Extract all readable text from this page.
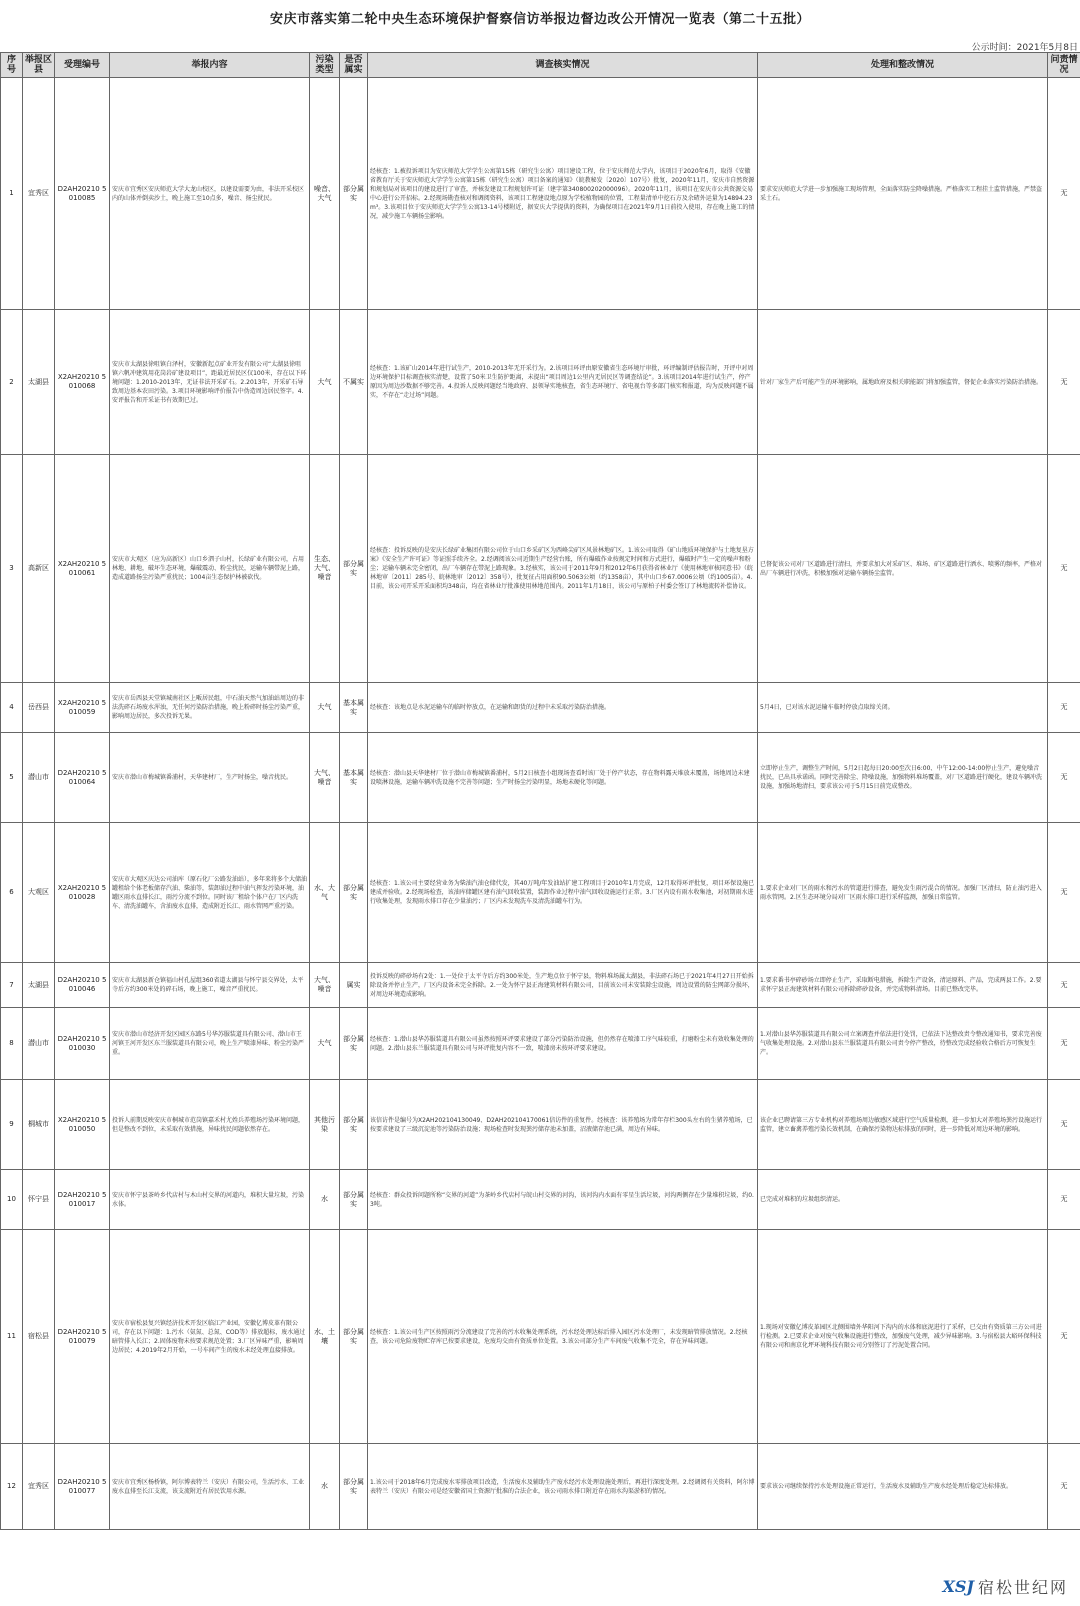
安庆市落实第二轮中央生态环境保护督察信访举报边督边改公开情况一览表（第二十五批）
公示时间：2021年5月8日
序号	举报区县	受理编号	举报内容	污染类型	是否属实	调查核实情况	处理和整改情况	问责情况
1	宜秀区	D2AH20210 5010085	安庆市宜秀区安庆师范大学大龙山校区，以建设需要为由，非法开采校区内的山体并倒卖沙土，晚上施工至10点多，噪音、扬尘扰民。	噪音、大气	部分属实	经核查：1.被投诉项目为安庆师范大学学生公寓第15栋（研究生公寓）项目建设工程，位于安庆师范大学内，该项目于2020年6月，取得《安徽省教育厅关于安庆师范大学学生公寓第15栋（研究生公寓）项目备案的通知》（皖教秘发〔2020〕107号）批复，2020年11月，安庆市自然资源和规划局对该项目的建设进行了审查，并核发建设工程规划许可证（建字第340800202000096）。2020年11月，该项目在安庆市公共资源交易中心进行公开招标。2.经现场勘查核对和调阅资料，该项目工程建设地点原为学校植物园的位置，工程量清单中挖石方及余碴外运量为14894.23m³。3.该项目位于安庆师范大学学生公寓13-14号楼附近，据安庆大学提供的资料，为确保项目在2021年9月1日前投入使用，存在晚上施工的情况，减少施工车辆扬尘影响。	要求安庆师范大学进一步加强施工现场管理，全面落实防尘降噪措施。严格落实工程挂土监管措施，严禁盗采土石。	无
2	太湖县	X2AH20210 5010068	安庆市太湖县徐咀镇白泽村，安徽新起点矿业开发有限公司“太湖县徐咀镇六帆冲建筑用花岗岩矿建设项目”，距最近居民区仅100米，存在以下环境问题：1.2010-2013年，无证非法开采矿石。2.2013年，开采矿石导致周边基本农田污染。3.项目环境影响评价报告中伪造周边居民签字。4.安评报告和开采证书有效期已过。	大气	不属实	经核查：1.该矿山2014年进行试生产，2010-2013年无开采行为。2.该项目环评由原安徽省生态环境厅审批，环评编制评估报告时，开评中对周边环境保护目标调查核实清楚，设置了50米卫生防护距离，未提出“项目周边1公里内无居民区等调查结论”。3.该项目2014年进行试生产，停产原因为周边沙数据不够完善。4.投诉人反映问题经当地政府、县领导实地核查，省生态环境厅、省电视台等多部门核实和报道，均为反映问题不属实，不存在“走过场”问题。	针对厂家生产后可能产生的环境影响，属地政府及相关职能部门将加强监管，督促企业落实污染防治措施。	无
3	高新区	X2AH20210 5010061	安庆市大观区（应为高新区）山口乡泗子山村，长绿矿业有限公司，占用林地、耕地，破坏生态环境，爆破震动、粉尘扰民，运输车辆带泥上路，造成道路扬尘污染严重扰民；1004亩生态保护林被砍伐。	生态、大气、噪音	部分属实	经核查：投诉反映的是安庆长绿矿业集团有限公司位于山口乡采矿区为西峰尖矿区风景林地矿区。1.该公司取得《矿山地质环境保护与土地复垦方案》《安全生产许可证》等证照手续齐全。2.经调阅该公司近期生产经营台账，所有爆破作业按规定时间和方式进行，爆破时产生一定的噪声和粉尘；运输车辆未完全密闭，出厂车辆存在带泥上路现象。3.经核实，该公司于2011年9月和2012年6月获得省林业厅《使用林地审核同意书》（皖林地审〔2011〕285号、皖林地审〔2012〕358号），批复征占用面积90.5063公顷（约1358亩），其中山口乡67.0006公顷（约1005亩）。4.目前，该公司开采开采面积均348亩，均在省林业厅批准使用林地范围内。2011年1月18日，该公司与原柏子村委会签订了林地流转补偿协议。	已督促该公司对厂区道路进行清扫，并要求加大对采矿区、堆场、矿区道路进行洒水、喷雾的频率，严格对出厂车辆进行冲洗，积极加强对运输车辆扬尘监管。	无
4	岳西县	X2AH20210 5010059	安庆市岳西县天堂镇城南社区上畈居民组，中石油天然气加油站周边的非法洗碎石场废水浑浊，无任何污染防治措施，晚上粉碎时扬尘污染严重，影响周边居民，多次投诉无果。	大气	基本属实	经核查：该地点是水泥运输车的临时停放点，在运输和卸货的过程中未采取污染防治措施。	5月4日，已对该水泥运输车临时停放点取缔关闭。	无
5	潜山市	D2AH20210 5010064	安庆市潜山市梅城镇番浦村，天华建材厂，生产时扬尘，噪音扰民。	大气、噪音	基本属实	经核查：潜山县天华建材厂位于潜山市梅城镇番浦村，5月2日核查小组现场查看时该厂处于停产状态，存在物料露天堆放未覆盖，场地周边未建设喷淋设施，运输车辆冲洗设施不完善等问题；生产时扬尘污染明显，场地未硬化等问题。	立即停止生产，调整生产时间，5月2日起每日20:00至次日6:00、中午12:00-14:00停止生产，避免噪音扰民，已出具承诺函。同时完善除尘、降噪设施，加强物料堆场覆盖，对厂区道路进行硬化，建设车辆冲洗设施，加强场地清扫，要求该公司于5月15日前完成整改。	无
6	大观区	X2AH20210 5010028	安庆市大观区庆达公司油库（原石化厂公路发油站），多年来将多个大储油罐租给个体老板储存汽油、柴油等，装卸油过程中油气挥发污染环境，油罐区雨水直排长江，雨污分流不到位。同时该厂租给个体户在厂区内洗车、清洗油罐车，含油废水直排，造成附近长江、雨水管网严重污染。	水、大气	部分属实	经核查：1.该公司主要经营业务为柴油汽油仓储代发，其40万吨/年发油站扩建工程项目于2010年1月完成，12月取得环评批复，项目环保设施已建成并验收。2.经现场检查，该油库储罐区建有油气回收装置，装卸作业过程中油气回收设施运行正常。3.厂区内设有雨水收集池，对初期雨水进行收集处理，发现雨水排口存在少量油污；厂区内未发现洗车及清洗油罐车行为。	1.要求企业对厂区的雨水和污水的管道进行排查，避免发生雨污混合的情况。加强厂区清扫，防止油污进入雨水管网。2.区生态环境分局对厂区雨水排口进行采样监测，加强日常监管。	无
7	太湖县	D2AH20210 5010046	安庆市太湖县新仓镇福山村孔屋组360省道太湖县与怀宁县交界处，太平寺后方约300米处的碎石场，晚上施工，噪音严重扰民。	大气、噪音	属实	投诉反映的碎砂场有2处：1.一处位于太平寺后方约300米处，生产地点位于怀宁县，物料堆场属太湖县，非法碎石场已于2021年4月27日开始拆除设备并停止生产，厂区内设备未完全拆除。2.一处为怀宁县正海建筑材料有限公司，目前该公司未安装除尘设施，周边设置的防尘网部分损坏，对周边环境造成影响。	1.要求番书亭碎砂场立即停止生产，采取断电措施，拆除生产设备，清运原料、产品，完成两县工作。2.要求怀宁县正海建筑材料有限公司拆除碎砂设备，并完成物料清场。目前已整改完毕。	无
8	潜山市	D2AH20210 5010030	安庆市潜山市经济开发区园区东路5号华苏服装道具有限公司、潜山市王河镇王河开发区东兰服装道具有限公司，晚上生产喷漆异味、粉尘污染严重。	大气	部分属实	经核查：1.潜山县华苏服装道具有限公司虽然按照环评要求建设了部分污染防治设施，但仍然存在喷漆工序气味较重，打磨粉尘未有效收集处理的问题。2.潜山县东兰服装道具有限公司与环评批复内容不一致，喷漆房未按环评要求建设。	1.对潜山县华苏服装道具有限公司立案调查并依法进行处罚，已依法下达整改责令整改通知书，要求完善废气收集处理设施。2.对潜山县东兰服装道具有限公司责令停产整改，待整改完成经验收合格后方可恢复生产。	无
9	桐城市	X2AH20210 5010050	投诉人前期反映安庆市桐城市范岗镇嘉禾村尤姓兵养殖场污染环境问题，但是整改不到位，未采取有效措施，异味扰民问题依然存在。	其他污染	部分属实	该信访件是编号为X2AH202104130049、D2AH202104170061信访件的重复件。经核查：该养殖场为常年存栏300头左右的生猪养殖场，已按要求建设了三级沉淀池等污染防治设施；现场检查时发现粪污储存池未加盖，沼液储存池已满，周边有异味。	该企业已聘请第三方专业机构对养殖场周边敏感区域进行空气质量检测，进一步加大对养殖场粪污设施运行监管，建立畜禽养殖污染长效机制，在确保污染物达标排放的同时，进一步降低对周边环境的影响。	无
10	怀宁县	D2AH20210 5010017	安庆市怀宁县茶岭乡代店村与木山村交界的河道内，堆积大量垃圾，污染水体。	水	部分属实	经核查：群众投诉问题所称“交界的河道”为茶岭乡代店村与皖山村交界的河沟，该河沟内水面有零星生活垃圾，河沟两侧存在少量堆积垃圾，约0.3吨。	已完成对堆积的垃圾组织清运。	无
11	宿松县	D2AH20210 5010079	安庆市宿松县复兴镇经济技术开发区临江产业园，安徽亿博皮革有限公司，存在以下问题：1.污水（氨氮、总氮、COD等）排放超标，废水通过暗管排入长江；2.固体废物未按要求规范处置；3.厂区异味严重，影响周边居民；4.2019年2月开始，一号车间产生的废水未经处理直接排放。	水、土壤	部分属实	经核查：1.该公司生产区按照雨污分流建设了完善的污水收集处理系统，污水经处理达标后排入园区污水处理厂，未发现暗管排放情况。2.经核查，该公司危险废物贮存库已按要求建设，危废均交由有资质单位处置。3.该公司部分生产车间废气收集不完全，存在异味问题。	1.现场对安徽亿博皮革园区北侧围墙外华阳河下沟内的水体和底泥进行了采样，已交由有资质第三方公司进行检测。2.已要求企业对废气收集设施进行整改，加强废气处理，减少异味影响。3.与宿松县大峪环保科技有限公司和南京化坪环境科技有限公司分别签订了污泥处置合同。	无
12	宜秀区	D2AH20210 5010077	安庆市宜秀区杨桥镇，阿尔博表特兰（安庆）有限公司，生活污水、工业废水直排至长江支流，该支流附近有居民饮用水源。	水	部分属实	1.该公司于2018年6月完成废水零排放项目改造，生活废水及辅助生产废水经污水处理设施处理后，再进行深度处理。2.经调阅有关资料，阿尔博表特兰（安庆）有限公司是经安徽省国土资源厅批准的合法企业，该公司雨水排口附近存在雨水沟渠淤积的情况。	要求该公司继续保持污水处理设施正常运行，生活废水及辅助生产废水经处理后稳定达标排放。	无
XSJ 宿松世纪网
